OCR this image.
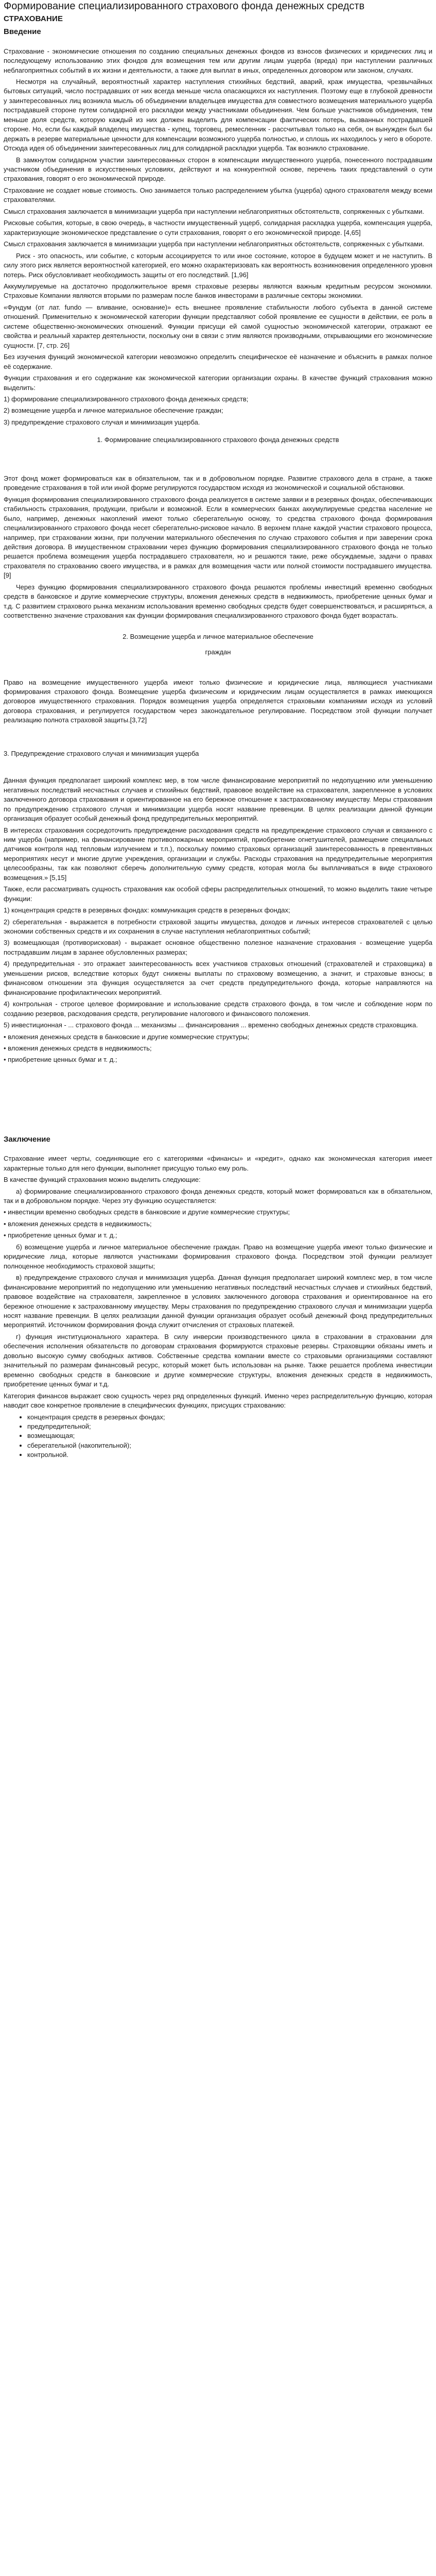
Формирование специализированного страхового фонда денежных средств
СТРАХОВАНИЕ
Введение

Страхование - экономические отношения по созданию специальных денежных фондов из взносов физических и юридических лиц и последующему использованию этих фондов для возмещения тем или другим лицам ущерба (вреда) при наступлении различных неблагоприятных событий в их жизни и деятельности, а также для выплат в иных, определенных договором или законом, случаях.

Несмотря на случайный, вероятностный характер наступления стихийных бедствий, аварий, краж имущества, чрезвычайных бытовых ситуаций, число пострадавших от них всегда меньше числа опасающихся их наступления. Поэтому еще в глубокой древности у заинтересованных лиц возникла мысль об объединении владельцев имущества для совместного возмещения материального ущерба пострадавшей стороне путем солидарной его раскладки между участниками объединения. Чем больше участников объединения, тем меньше доля средств, которую каждый из них должен выделить для компенсации фактических потерь, вызванных пострадавшей стороне. Но, если бы каждый владелец имущества - купец, торговец, ремесленник - рассчитывал только на себя, он вынужден был бы держать в резерве материальные ценности для компенсации возможного ущерба полностью, и сплошь их находилось у него в обороте. Отсюда идея об объединении заинтересованных лиц для солидарной раскладки ущерба. Так возникло страхование.

В замкнутом солидарном участии заинтересованных сторон в компенсации имущественного ущерба, понесенного пострадавшим участником объединения в искусственных условиях, действуют и на конкурентной основе, перечень таких представлений о сути страхования, говорят о его экономической природе.

Страхование не создает новые стоимость. Оно занимается только распределением убытка (ущерба) одного страхователя между всеми страхователями.

Смысл страхования заключается в минимизации ущерба при наступлении неблагоприятных обстоятельств, сопряженных с убытками.

Рисковые события, которые, в свою очередь, в частности имущественный ущерб, солидарная раскладка ущерба, компенсация ущерба, характеризующие экономическое представление о сути страхования, говорят о его экономической природе. [4,65]

Смысл страхования заключается в минимизации ущерба при наступлении неблагоприятных обстоятельств, сопряженных с убытками.

Риск - это опасность, или событие, с которым ассоциируется то или иное состояние, которое в будущем может и не наступить. В силу этого риск является вероятностной категорией, его можно охарактеризовать как вероятность возникновения определенного уровня потерь. Риск обусловливает необходимость защиты от его последствий. [1,96]

Аккумулируемые на достаточно продолжительное время страховые резервы являются важным кредитным ресурсом экономики. Страховые Компании являются вторыми по размерам после банков инвесторами в различные секторы экономики.

«Фундум (от лат. fundo — вливание, основание)» есть внешнее проявление стабильности любого субъекта в данной системе отношений. Применительно к экономической категории функции представляют собой проявление ее сущности в действии, ее роль в системе общественно-экономических отношений. Функции присущи ей самой сущностью экономической категории, отражают ее свойства и реальный характер деятельности, поскольку они в связи с этим являются производными, открывающими его экономические сущности. [7, стр. 26]

Без изучения функций экономической категории невозможно определить специфическое её назначение и объяснить в рамках полное её содержание.

Функции страхования и его содержание как экономической категории организации охраны. В качестве функций страхования можно выделить:

1) формирование специализированного страхового фонда денежных средств;

2) возмещение ущерба и личное материальное обеспечение граждан;

3) предупреждение страхового случая и минимизация ущерба.

1. Формирование специализированного страхового фонда денежных средств

Этот фонд может формироваться как в обязательном, так и в добровольном порядке. Развитие страхового дела в стране, а также проведение страхования в той или иной форме регулируются государством исходя из экономической и социальной обстановки.

Функция формирования специализированного страхового фонда реализуется в системе заявки и в резервных фондах, обеспечивающих стабильность страхования, продукции, прибыли и возможной. Если в коммерческих банках аккумулируемые средства население не было, например, денежных накоплений имеют только сберегательную основу, то средства страхового фонда формирования специализированного страхового фонда несет сберегательно-рисковое начало. В верхнем плане каждой участии страхового процесса, например, при страховании жизни, при получении материального обеспечения по случаю страхового события и при заверении срока действия договора. В имущественном страховании через функцию формирования специализированного страхового фонда не только решается проблема возмещения ущерба пострадавшего страхователя, но и решаются такие, реже обсуждаемые, задачи о правах страхователя по страхованию своего имущества, и в рамках для возмещения части или полной стоимости пострадавшего имущества. [9]

Через функцию формирования специализированного страхового фонда решаются проблемы инвестиций временно свободных средств в банковское и другие коммерческие структуры, вложения денежных средств в недвижимость, приобретение ценных бумаг и т.д. С развитием страхового рынка механизм использования временно свободных средств будет совершенствоваться, и расширяться, а соответственно значение страхования как функции формирования специализированного страхового фонда будет возрастать.

2. Возмещение ущерба и личное материальное обеспечение
граждан

Право на возмещение имущественного ущерба имеют только физические и юридические лица, являющиеся участниками формирования страхового фонда. Возмещение ущерба физическим и юридическим лицам осуществляется в рамках имеющихся договоров имущественного страхования. Порядок возмещения ущерба определяется страховыми компаниями исходя из условий договора страхования, и регулируется государством через законодательное регулирование. Посредством этой функции получает реализацию полнота страховой защиты.[3,72]

3. Предупреждение страхового случая и минимизация ущерба

Данная функция предполагает широкий комплекс мер, в том числе финансирование мероприятий по недопущению или уменьшению негативных последствий несчастных случаев и стихийных бедствий, правовое воздействие на страхователя, закрепленное в условиях заключенного договора страхования и ориентированное на его бережное отношение к застрахованному имуществу. Меры страхования по предупреждению страхового случая и минимизации ущерба носят название превенции. В целях реализации данной функции организация образует особый денежный фонд предупредительных мероприятий.

В интересах страхования сосредоточить предупреждение расходования средств на предупреждение страхового случая и связанного с ним ущерба (например, на финансирование противопожарных мероприятий, приобретение огнетушителей, размещение специальных датчиков контроля над тепловым излучением и т.п.), поскольку помимо страховых организаций заинтересованность в превентивных мероприятиях несут и многие другие учреждения, организации и службы. Расходы страхования на предупредительные мероприятия целесообразны, так как позволяют сберечь дополнительную сумму средств, которая могла бы выплачиваться в виде страхового возмещения.» [5,15]

Также, если рассматривать сущность страхования как особой сферы распределительных отношений, то можно выделить такие четыре функции:

1) концентрация средств в резервных фондах: коммуникация средств в резервных фондах;

2) сберегательная - выражается в потребности страховой защиты имущества, доходов и личных интересов страхователей с целью экономии собственных средств и их сохранения в случае наступления неблагоприятных событий;

3) возмещающая (противорисковая) - выражает основное общественно полезное назначение страхования - возмещение ущерба пострадавшим лицам в заранее обусловленных размерах;

4) предупредительная - это отражает заинтересованность всех участников страховых отношений (страхователей и страховщика) в уменьшении рисков, вследствие которых будут снижены выплаты по страховому возмещению, а значит, и страховые взносы; в финансовом отношении эта функция осуществляется за счет средств предупредительного фонда, которые направляются на финансирование профилактических мероприятий.

4) контрольная - строгое целевое формирование и использование средств страхового фонда, в том числе и соблюдение норм по созданию резервов, расходования средств, регулирование налогового и финансового положения.

5) инвестиционная - ... страхового фонда ... механизмы ... финансирования ... временно свободных денежных средств страховщика.

• вложения денежных средств в банковские и другие коммерческие структуры;

• вложения денежных средств в недвижимость;

• приобретение ценных бумаг и т. д.;

Заключение

Страхование имеет черты, соединяющие его с категориями «финансы» и «кредит», однако как экономическая категория имеет характерные только для него функции, выполняет присущую только ему роль.

В качестве функций страхования можно выделить следующие:

а) формирование специализированного страхового фонда денежных средств, который может формироваться как в обязательном, так и в добровольном порядке. Через эту функцию осуществляется:

• инвестиции временно свободных средств в банковские и другие коммерческие структуры;

• вложения денежных средств в недвижимость;

• приобретение ценных бумаг и т. д.;

б) возмещение ущерба и личное материальное обеспечение граждан. Право на возмещение ущерба имеют только физические и юридические лица, которые являются участниками формирования страхового фонда. Посредством этой функции реализует полноценное необходимость страховой защиты;

в) предупреждение страхового случая и минимизация ущерба. Данная функция предполагает широкий комплекс мер, в том числе финансирование мероприятий по недопущению или уменьшению негативных последствий несчастных случаев и стихийных бедствий, правовое воздействие на страхователя, закрепленное в условиях заключенного договора страхования и ориентированное на его бережное отношение к застрахованному имуществу. Меры страхования по предупреждению страхового случая и минимизации ущерба носят название превенции. В целях реализации данной функции организация образует особый денежный фонд предупредительных мероприятий. Источником формирования фонда служит отчисления от страховых платежей.

г) функция институционального характера. В силу инверсии производственного цикла в страховании в страховании для обеспечения исполнения обязательств по договорам страхования формируются страховые резервы. Страховщики обязаны иметь и довольно высокую сумму свободных активов. Собственные средства компании вместе со страховыми организациями составляют значительный по размерам финансовый ресурс, который может быть использован на рынке. Также решается проблема инвестиции временно свободных средств в банковские и другие коммерческие структуры, вложения денежных средств в недвижимость, приобретение ценных бумаг и т.д.

Категория финансов выражает свою сущность через ряд определенных функций. Именно через распределительную функцию, которая наводит свое конкретное проявление в специфических функциях, присущих страхованию:

• концентрация средств в резервных фондах;
• предупредительной;
• возмещающая;
• сберегательной (накопительной);
• контрольной.
